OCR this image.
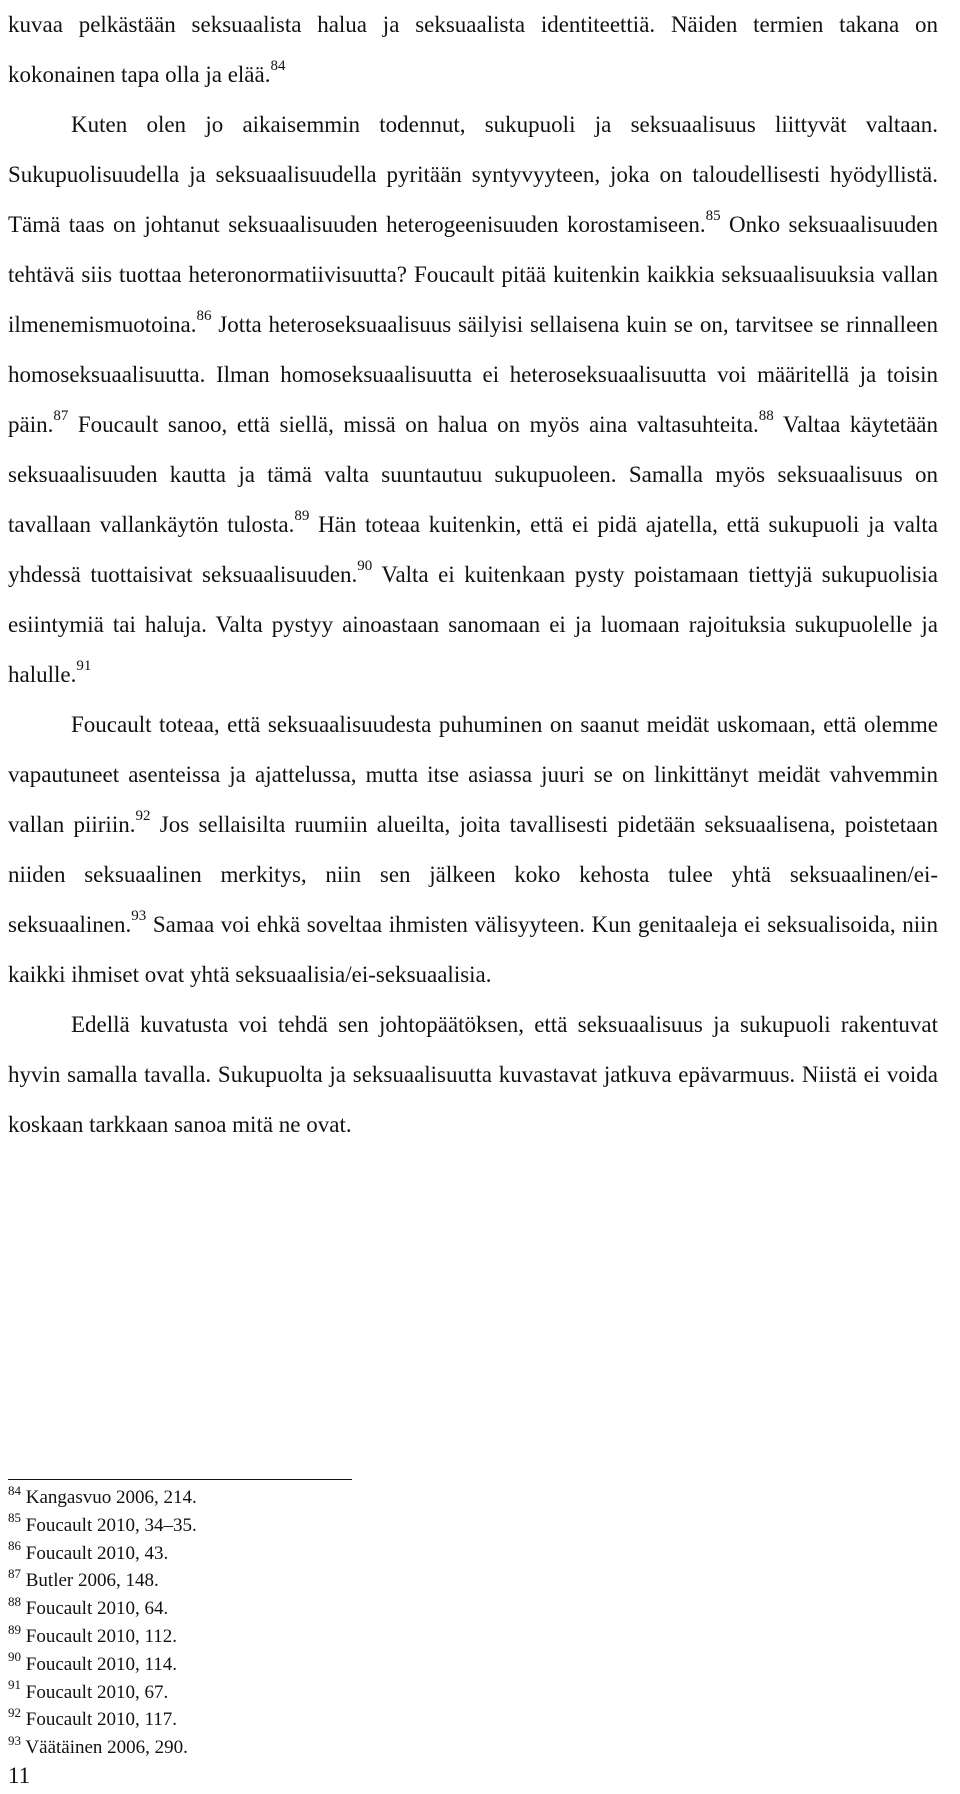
kuvaa pelkästään seksuaalista halua ja seksuaalista identiteettiä. Näiden termien takana on kokonainen tapa olla ja elää.$^{84}$

Kuten olen jo aikaisemmin todennut, sukupuoli ja seksuaalisuus liittyvät valtaan. Sukupuolisuudella ja seksuaalisuudella pyritään syntyvyyteen, joka on taloudellisesti hyödyllistä. Tämä taas on johtanut seksuaalisuuden heterogeenisuuden korostamiseen.$^{85}$ Onko seksuaalisuuden tehtävä siis tuottaa heteronormatiivisuutta? Foucault pitää kuitenkin kaikkia seksuaalisuuksia vallan ilmenemismuotoina.$^{86}$ Jotta heteroseksuaalisuus säilyisi sellaisena kuin se on, tarvitsee se rinnalleen homoseksuaalisuutta. Ilman homoseksuaalisuutta ei heteroseksuaalisuutta voi määritellä ja toisin päin.$^{87}$ Foucault sanoo, että siellä, missä on halua on myös aina valtasuhteita.$^{88}$ Valtaa käytetään seksuaalisuuden kautta ja tämä valta suuntautuu sukupuoleen. Samalla myös seksuaalisuus on tavallaan vallankäytön tulosta.$^{89}$ Hän toteaa kuitenkin, että ei pidä ajatella, että sukupuoli ja valta yhdessä tuottaisivat seksuaalisuuden.$^{90}$ Valta ei kuitenkaan pysty poistamaan tiettyjä sukupuolisia esiintymiä tai haluja. Valta pystyy ainoastaan sanomaan ei ja luomaan rajoituksia sukupuolelle ja halulle.$^{91}$

Foucault toteaa, että seksuaalisuudesta puhuminen on saanut meidät uskomaan, että olemme vapautuneet asenteissa ja ajattelussa, mutta itse asiassa juuri se on linkittänyt meidät vahvemmin vallan piiriin.$^{92}$ Jos sellaisilta ruumiin alueilta, joita tavallisesti pidetään seksuaalisena, poistetaan niiden seksuaalinen merkitys, niin sen jälkeen koko kehosta tulee yhtä seksuaalinen/ei-seksuaalinen.$^{93}$ Samaa voi ehkä soveltaa ihmisten välisyyteen. Kun genitaaleja ei seksualisoida, niin kaikki ihmiset ovat yhtä seksuaalisia/ei-seksuaalisia.

Edellä kuvatusta voi tehdä sen johtopäätöksen, että seksuaalisuus ja sukupuoli rakentuvat hyvin samalla tavalla. Sukupuolta ja seksuaalisuutta kuvastavat jatkuva epävarmuus. Niistä ei voida koskaan tarkkaan sanoa mitä ne ovat.

$^{84}$ Kangasvuo 2006, 214.
$^{85}$ Foucault 2010, 34–35.
$^{86}$ Foucault 2010, 43.
$^{87}$ Butler 2006, 148.
$^{88}$ Foucault 2010, 64.
$^{89}$ Foucault 2010, 112.
$^{90}$ Foucault 2010, 114.
$^{91}$ Foucault 2010, 67.
$^{92}$ Foucault 2010, 117.
$^{93}$ Väätäinen 2006, 290.
11
